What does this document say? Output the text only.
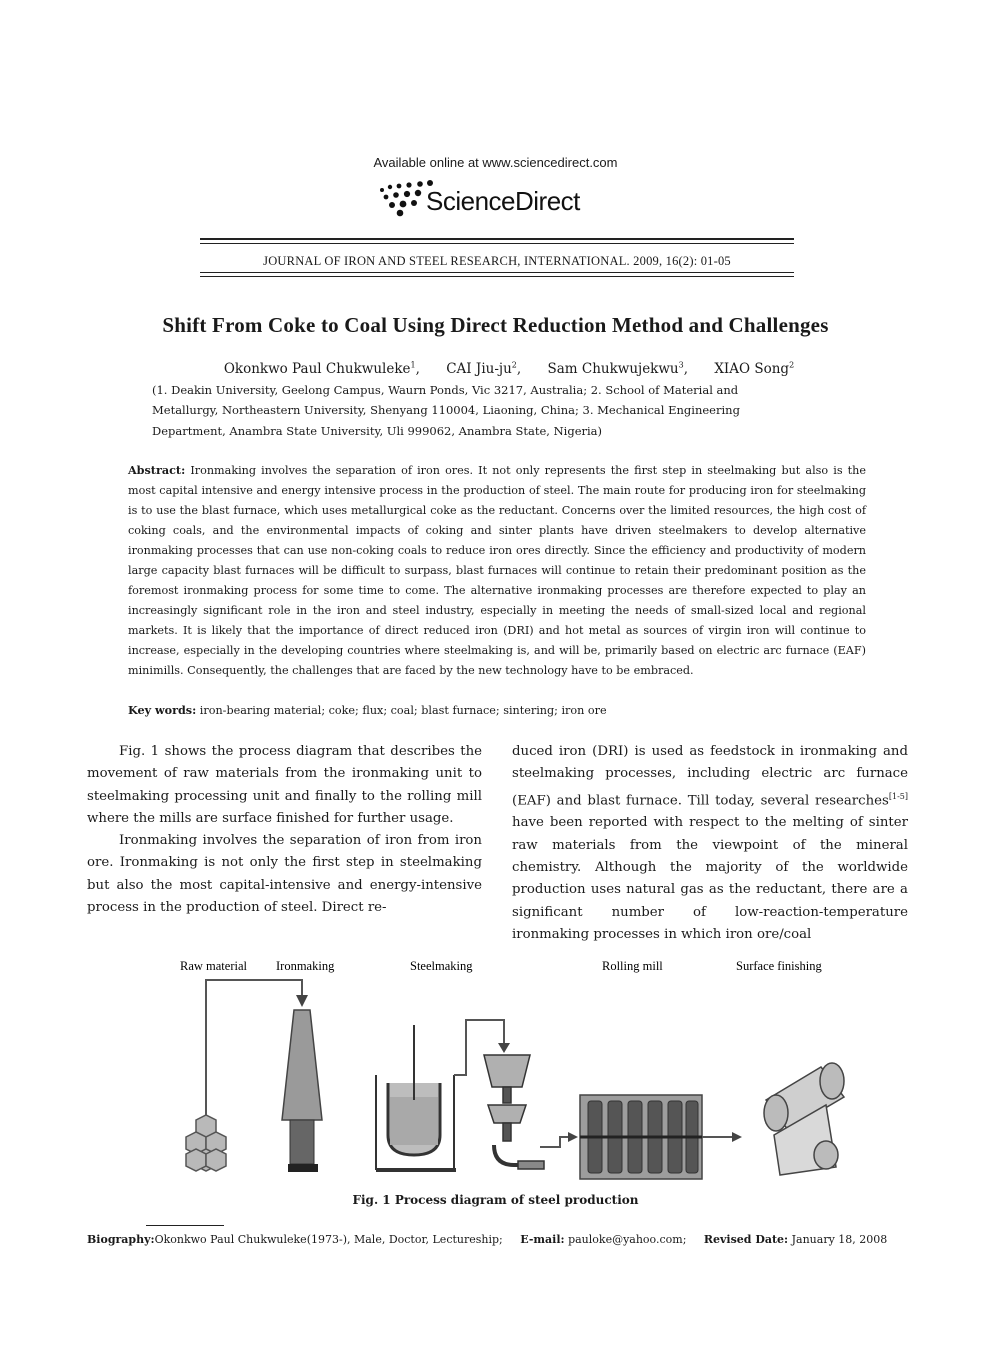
Available online at www.sciencedirect.com
ScienceDirect
JOURNAL OF IRON AND STEEL RESEARCH, INTERNATIONAL. 2009, 16(2): 01-05
Shift From Coke to Coal Using Direct Reduction Method and Challenges
Okonkwo Paul Chukwuleke$^1$, CAI Jiu-$ju^2$, Sam Chukwujekwu$^3$, XIAO Song$^2$
(1. Deakin University, Geelong Campus, Waurn Ponds, Vic 3217, Australia; 2. School of Material and
Metallurgy, Northeastern University, Shenyang 110004, Liaoning, China; 3. Mechanical Engineering
Department, Anambra State University, Uli 999062, Anambra State, Nigeria)
Abstract: Ironmaking involves the separation of iron ores. It not only represents the first step in steelmaking but also is the most capital intensive and energy intensive process in the production of steel. The main route for producing iron for steelmaking is to use the blast furnace, which uses metallurgical coke as the reductant. Concerns over the limited resources, the high cost of coking coals, and the environmental impacts of coking and sinter plants have driven steelmakers to develop alternative ironmaking processes that can use non-coking coals to reduce iron ores directly. Since the efficiency and productivity of modern large capacity blast furnaces will be difficult to surpass, blast furnaces will continue to retain their predominant position as the foremost ironmaking process for some time to come. The alternative ironmaking processes are therefore expected to play an increasingly significant role in the iron and steel industry, especially in meeting the needs of small-sized local and regional markets. It is likely that the importance of direct reduced iron (DRI) and hot metal as sources of virgin iron will continue to increase, especially in the developing countries where steelmaking is, and will be, primarily based on electric arc furnace (EAF) minimills. Consequently, the challenges that are faced by the new technology have to be embraced.
Key words: iron-bearing material; coke; flux; coal; blast furnace; sintering; iron ore

Fig. 1 shows the process diagram that describes the movement of raw materials from the ironmaking unit to steelmaking processing unit and finally to the rolling mill where the mills are surface finished for further usage.

Ironmaking involves the separation of iron from iron ore. Ironmaking is not only the first step in steelmaking but also the most capital-intensive and energy-intensive process in the production of steel. Direct re-

duced iron (DRI) is used as feedstock in ironmaking and steelmaking processes, including electric arc furnace (EAF) and blast furnace. Till today, several researches[1-5] have been reported with respect to the melting of sinter raw materials from the viewpoint of the mineral chemistry. Although the majority of the worldwide production uses natural gas as the reductant, there are a significant number of low-reaction-temperature ironmaking processes in which iron ore/coal

Raw material Ironmaking	Steelmaking	Rolling mill	Surface finishing
Fig. 1 Process diagram of steel production
Biography:Okonkwo Paul Chukwuleke(1973-), Male, Doctor, Lectureship; E-mail: pauloke@yahoo.com; Revised Date: January 18, 2008
